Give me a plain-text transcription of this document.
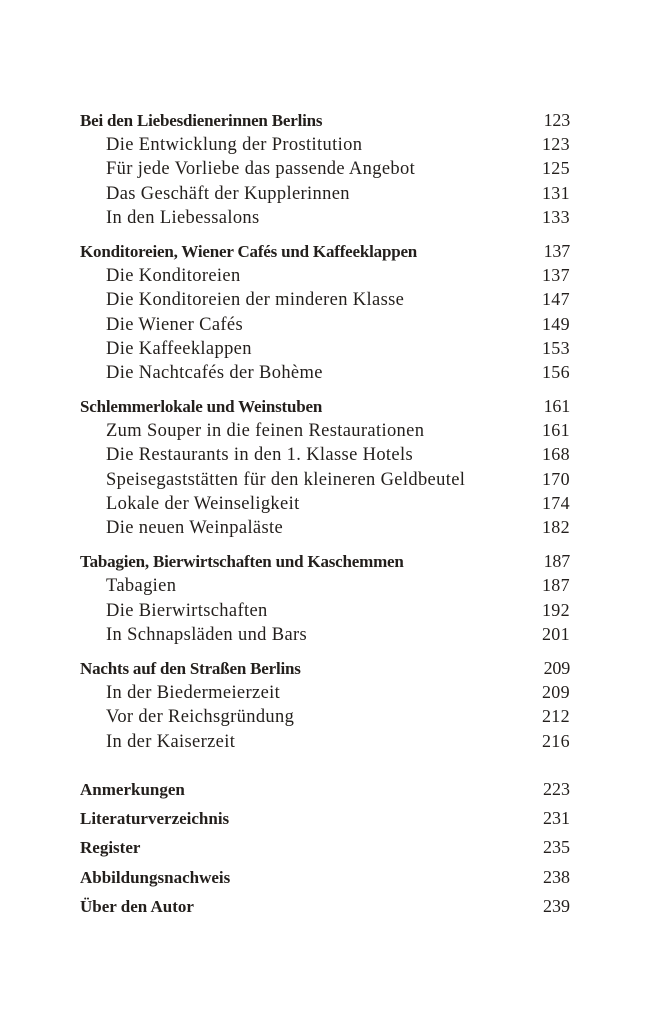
Bei den Liebesdienerinnen Berlins	123
Die Entwicklung der Prostitution	123
Für jede Vorliebe das passende Angebot	125
Das Geschäft der Kupplerinnen	131
In den Liebessalons	133
Konditoreien, Wiener Cafés und Kaffeeklappen	137
Die Konditoreien	137
Die Konditoreien der minderen Klasse	147
Die Wiener Cafés	149
Die Kaffeeklappen	153
Die Nachtcafés der Bohème	156
Schlemmerlokale und Weinstuben	161
Zum Souper in die feinen Restaurationen	161
Die Restaurants in den 1. Klasse Hotels	168
Speisegaststätten für den kleineren Geldbeutel	170
Lokale der Weinseligkeit	174
Die neuen Weinpaläste	182
Tabagien, Bierwirtschaften und Kaschemmen	187
Tabagien	187
Die Bierwirtschaften	192
In Schnapsläden und Bars	201
Nachts auf den Straßen Berlins	209
In der Biedermeierzeit	209
Vor der Reichsgründung	212
In der Kaiserzeit	216
Anmerkungen	223
Literaturverzeichnis	231
Register	235
Abbildungsnachweis	238
Über den Autor	239
